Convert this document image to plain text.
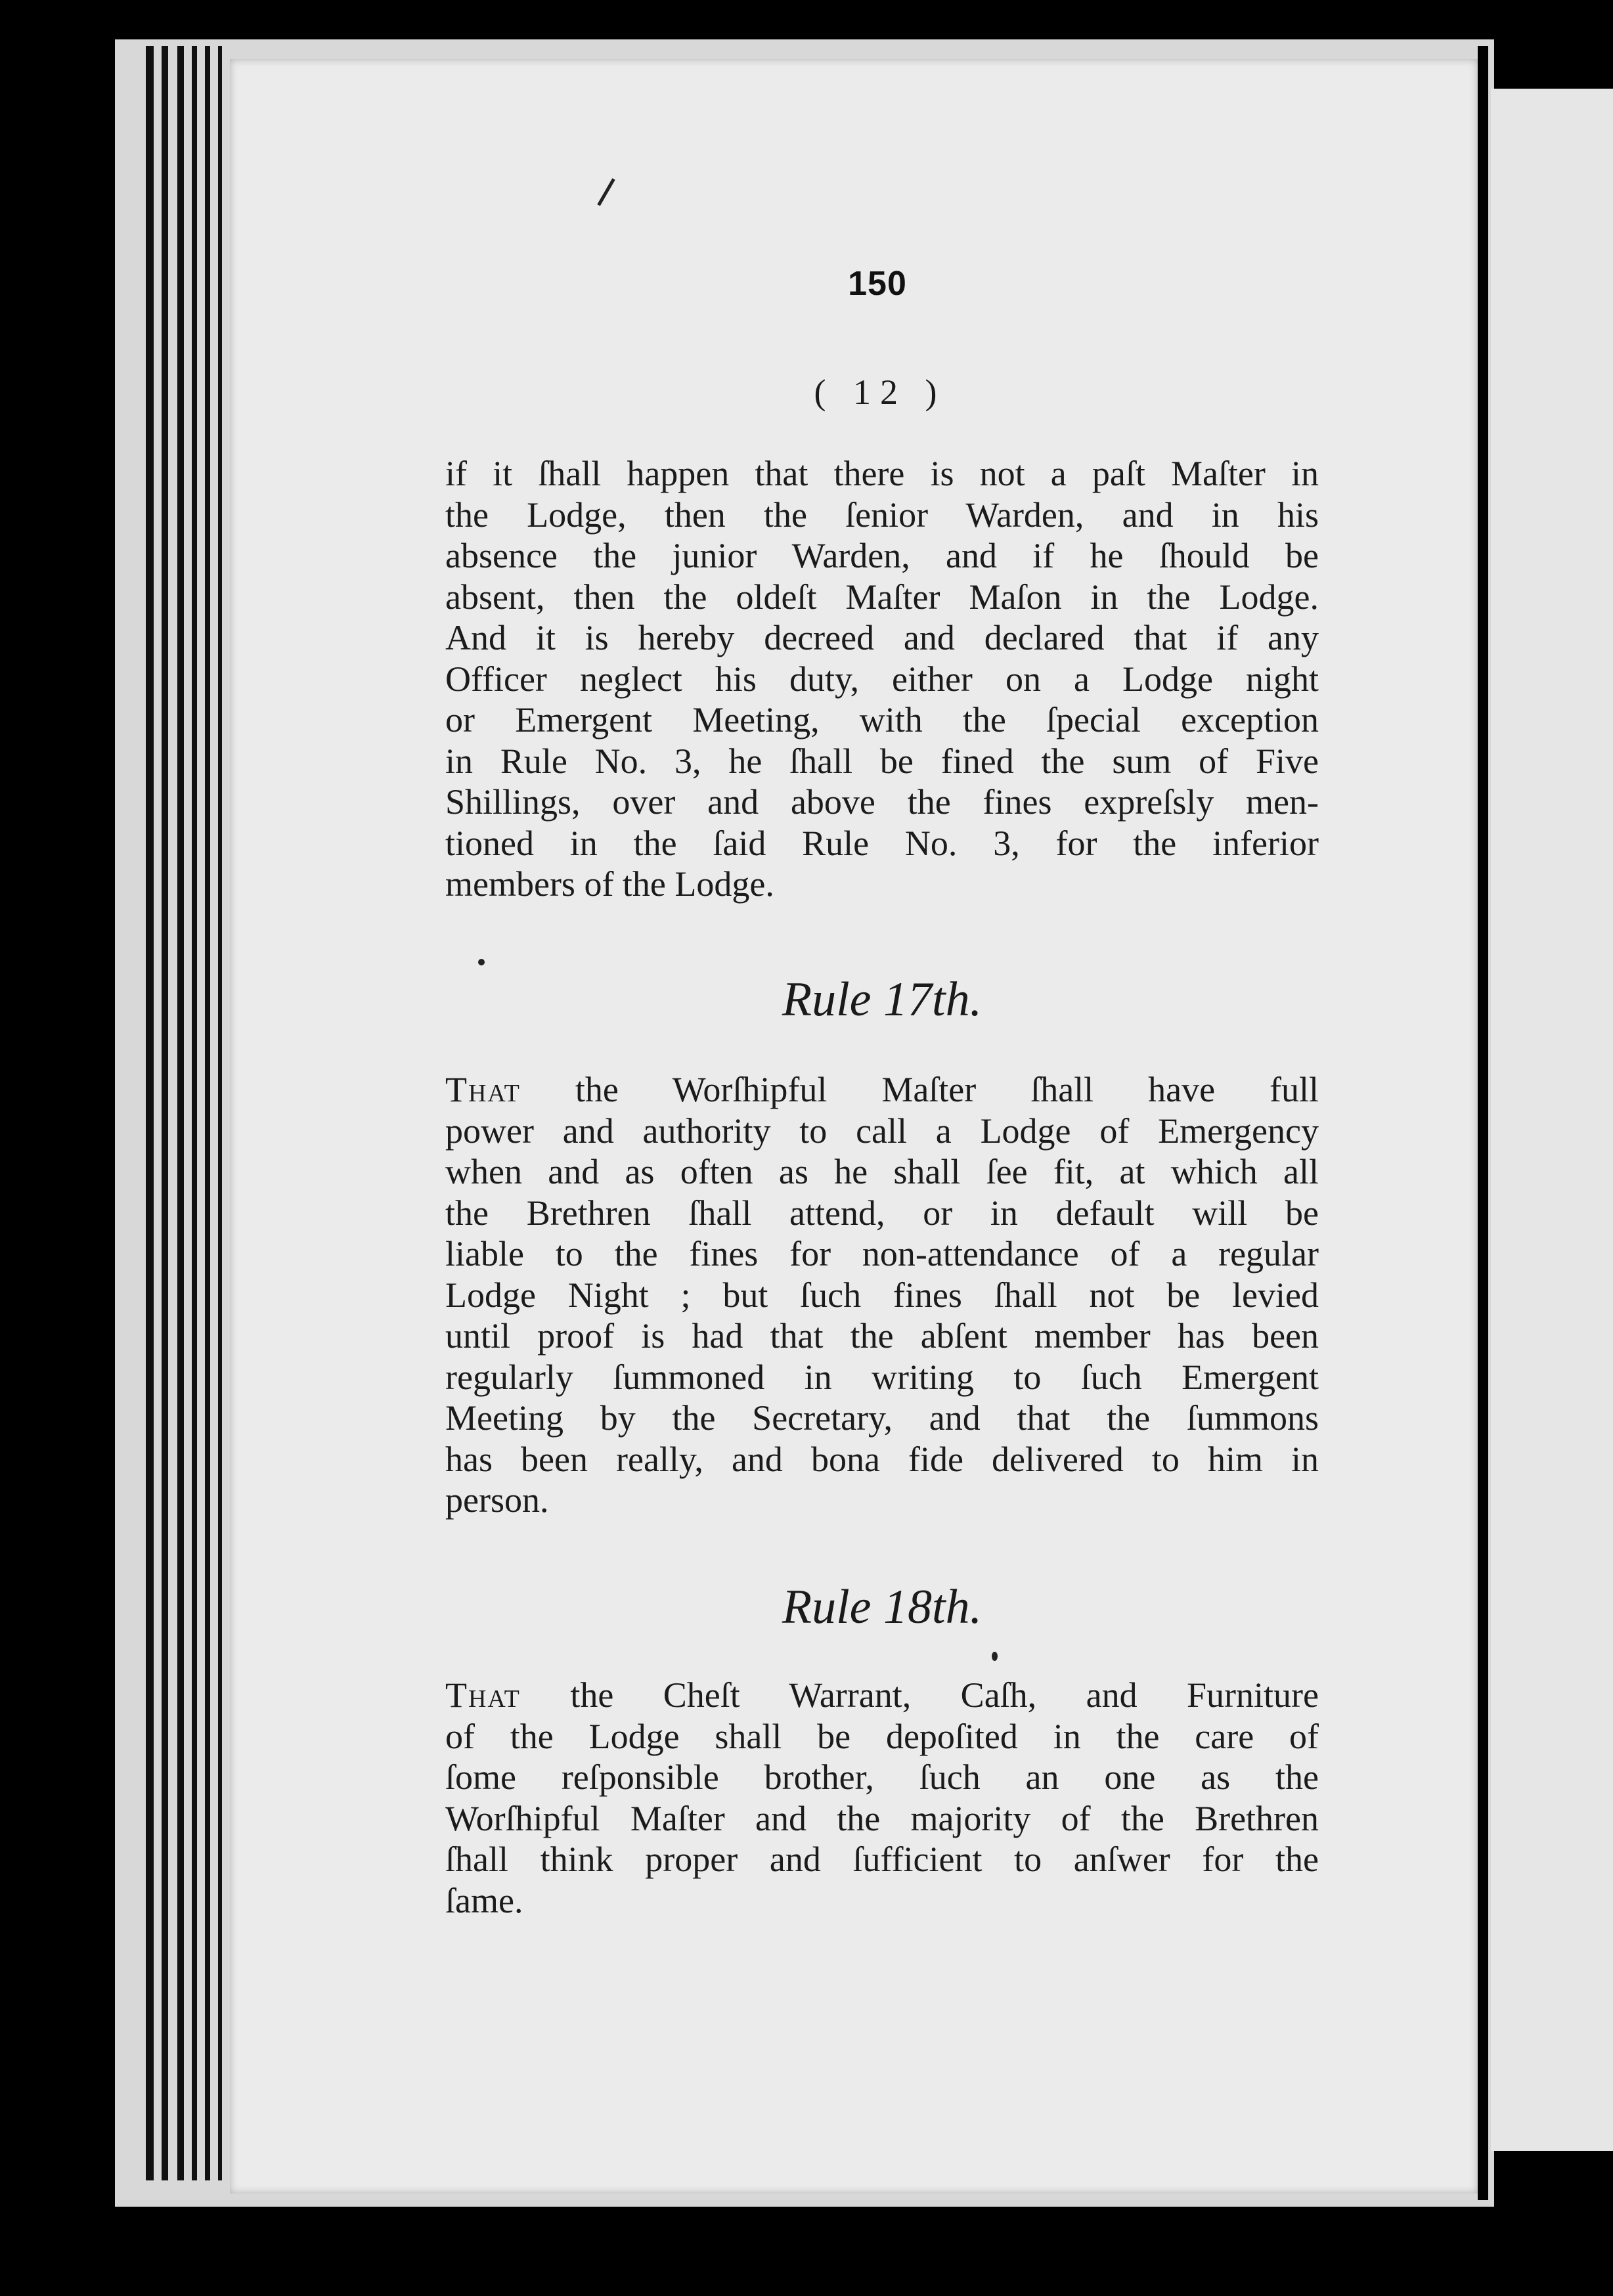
150
( 12 )
if it ſhall happen that there is not a paſt Maſter in
the Lodge, then the ſenior Warden, and in his
absence the junior Warden, and if he ſhould be
absent, then the oldeſt Maſter Maſon in the Lodge.
And it is hereby decreed and declared that if any
Officer neglect his duty, either on a Lodge night
or Emergent Meeting, with the ſpecial exception
in Rule No. 3, he ſhall be fined the sum of Five
Shillings, over and above the fines expreſsly men-
tioned in the ſaid Rule No. 3, for the inferior
members of the Lodge.
Rule 17th.
That the Worſhipful Maſter ſhall have full
power and authority to call a Lodge of Emergency
when and as often as he shall ſee fit, at which all
the Brethren ſhall attend, or in default will be
liable to the fines for non-attendance of a regular
Lodge Night ; but ſuch fines ſhall not be levied
until proof is had that the abſent member has been
regularly ſummoned in writing to ſuch Emergent
Meeting by the Secretary, and that the ſummons
has been really, and bona fide delivered to him in
person.
Rule 18th.
That the Cheſt Warrant, Caſh, and Furniture
of the Lodge shall be depoſited in the care of
ſome reſponsible brother, ſuch an one as the
Worſhipful Maſter and the majority of the Brethren
ſhall think proper and ſufficient to anſwer for the
ſame.
